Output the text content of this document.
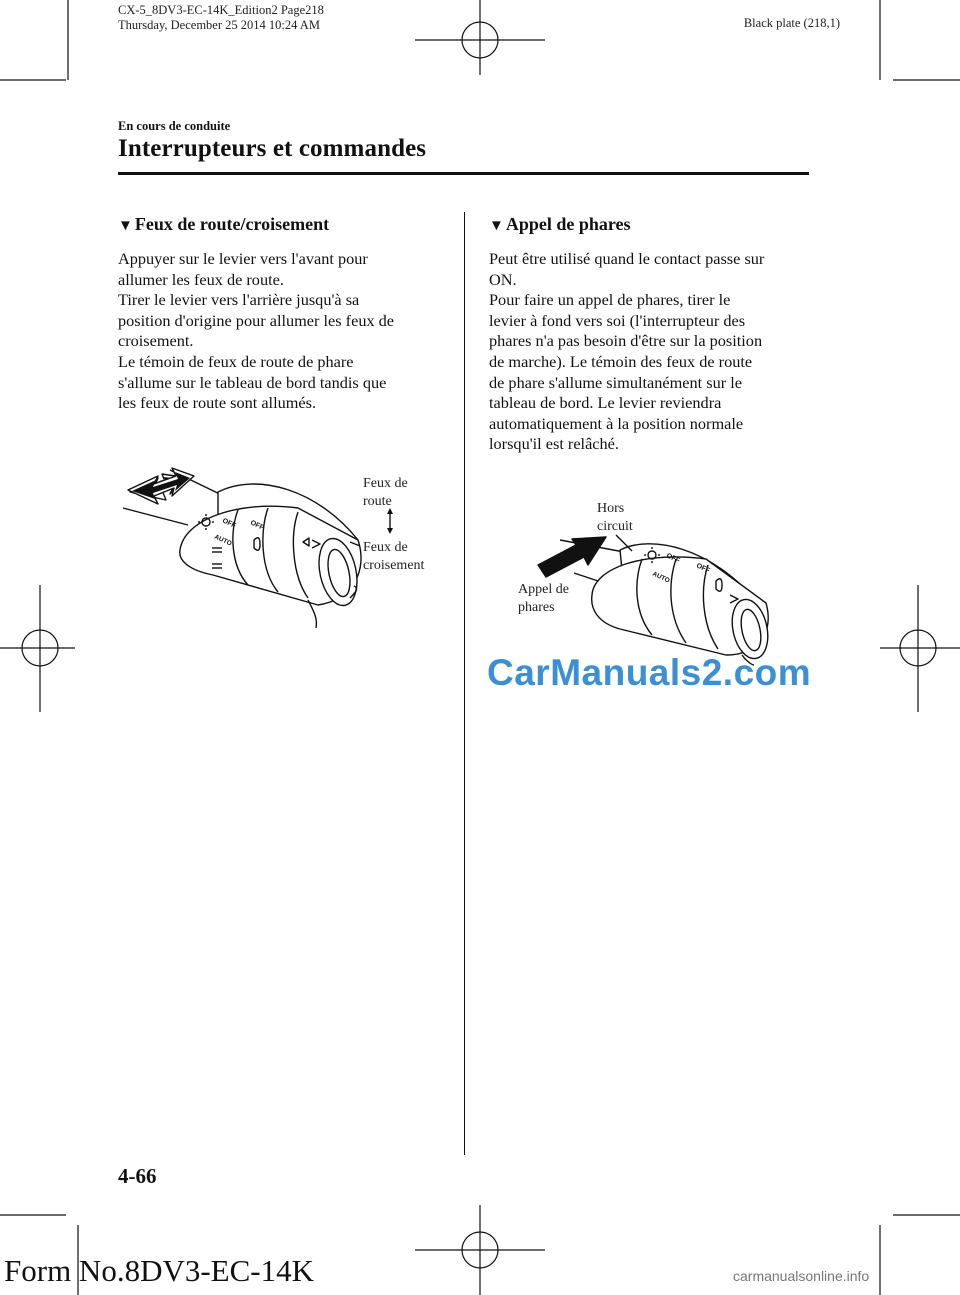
CX-5_8DV3-EC-14K_Edition2 Page218
Thursday, December 25 2014 10:24 AM	Black plate (218,1)
En cours de conduite
Interrupteurs et commandes
▼ Feux de route/croisement
Appuyer sur le levier vers l'avant pour
allumer les feux de route.
Tirer le levier vers l'arrière jusqu'à sa
position d'origine pour allumer les feux de
croisement.
Le témoin de feux de route de phare
s'allume sur le tableau de bord tandis que
les feux de route sont allumés.
OFF OFF
AUTO
Feux de
route
Feux de
croisement
▼ Appel de phares
Peut être utilisé quand le contact passe sur
ON.
Pour faire un appel de phares, tirer le
levier à fond vers soi (l'interrupteur des
phares n'a pas besoin d'être sur la position
de marche). Le témoin des feux de route
de phare s'allume simultanément sur le
tableau de bord. Le levier reviendra
automatiquement à la position normale
lorsqu'il est relâché.
OFF
OFF
AUTO
Hors
circuit
Appel de
phares
CarManuals2.com
4-66
Form No.8DV3-EC-14K	carmanualsonline.info
